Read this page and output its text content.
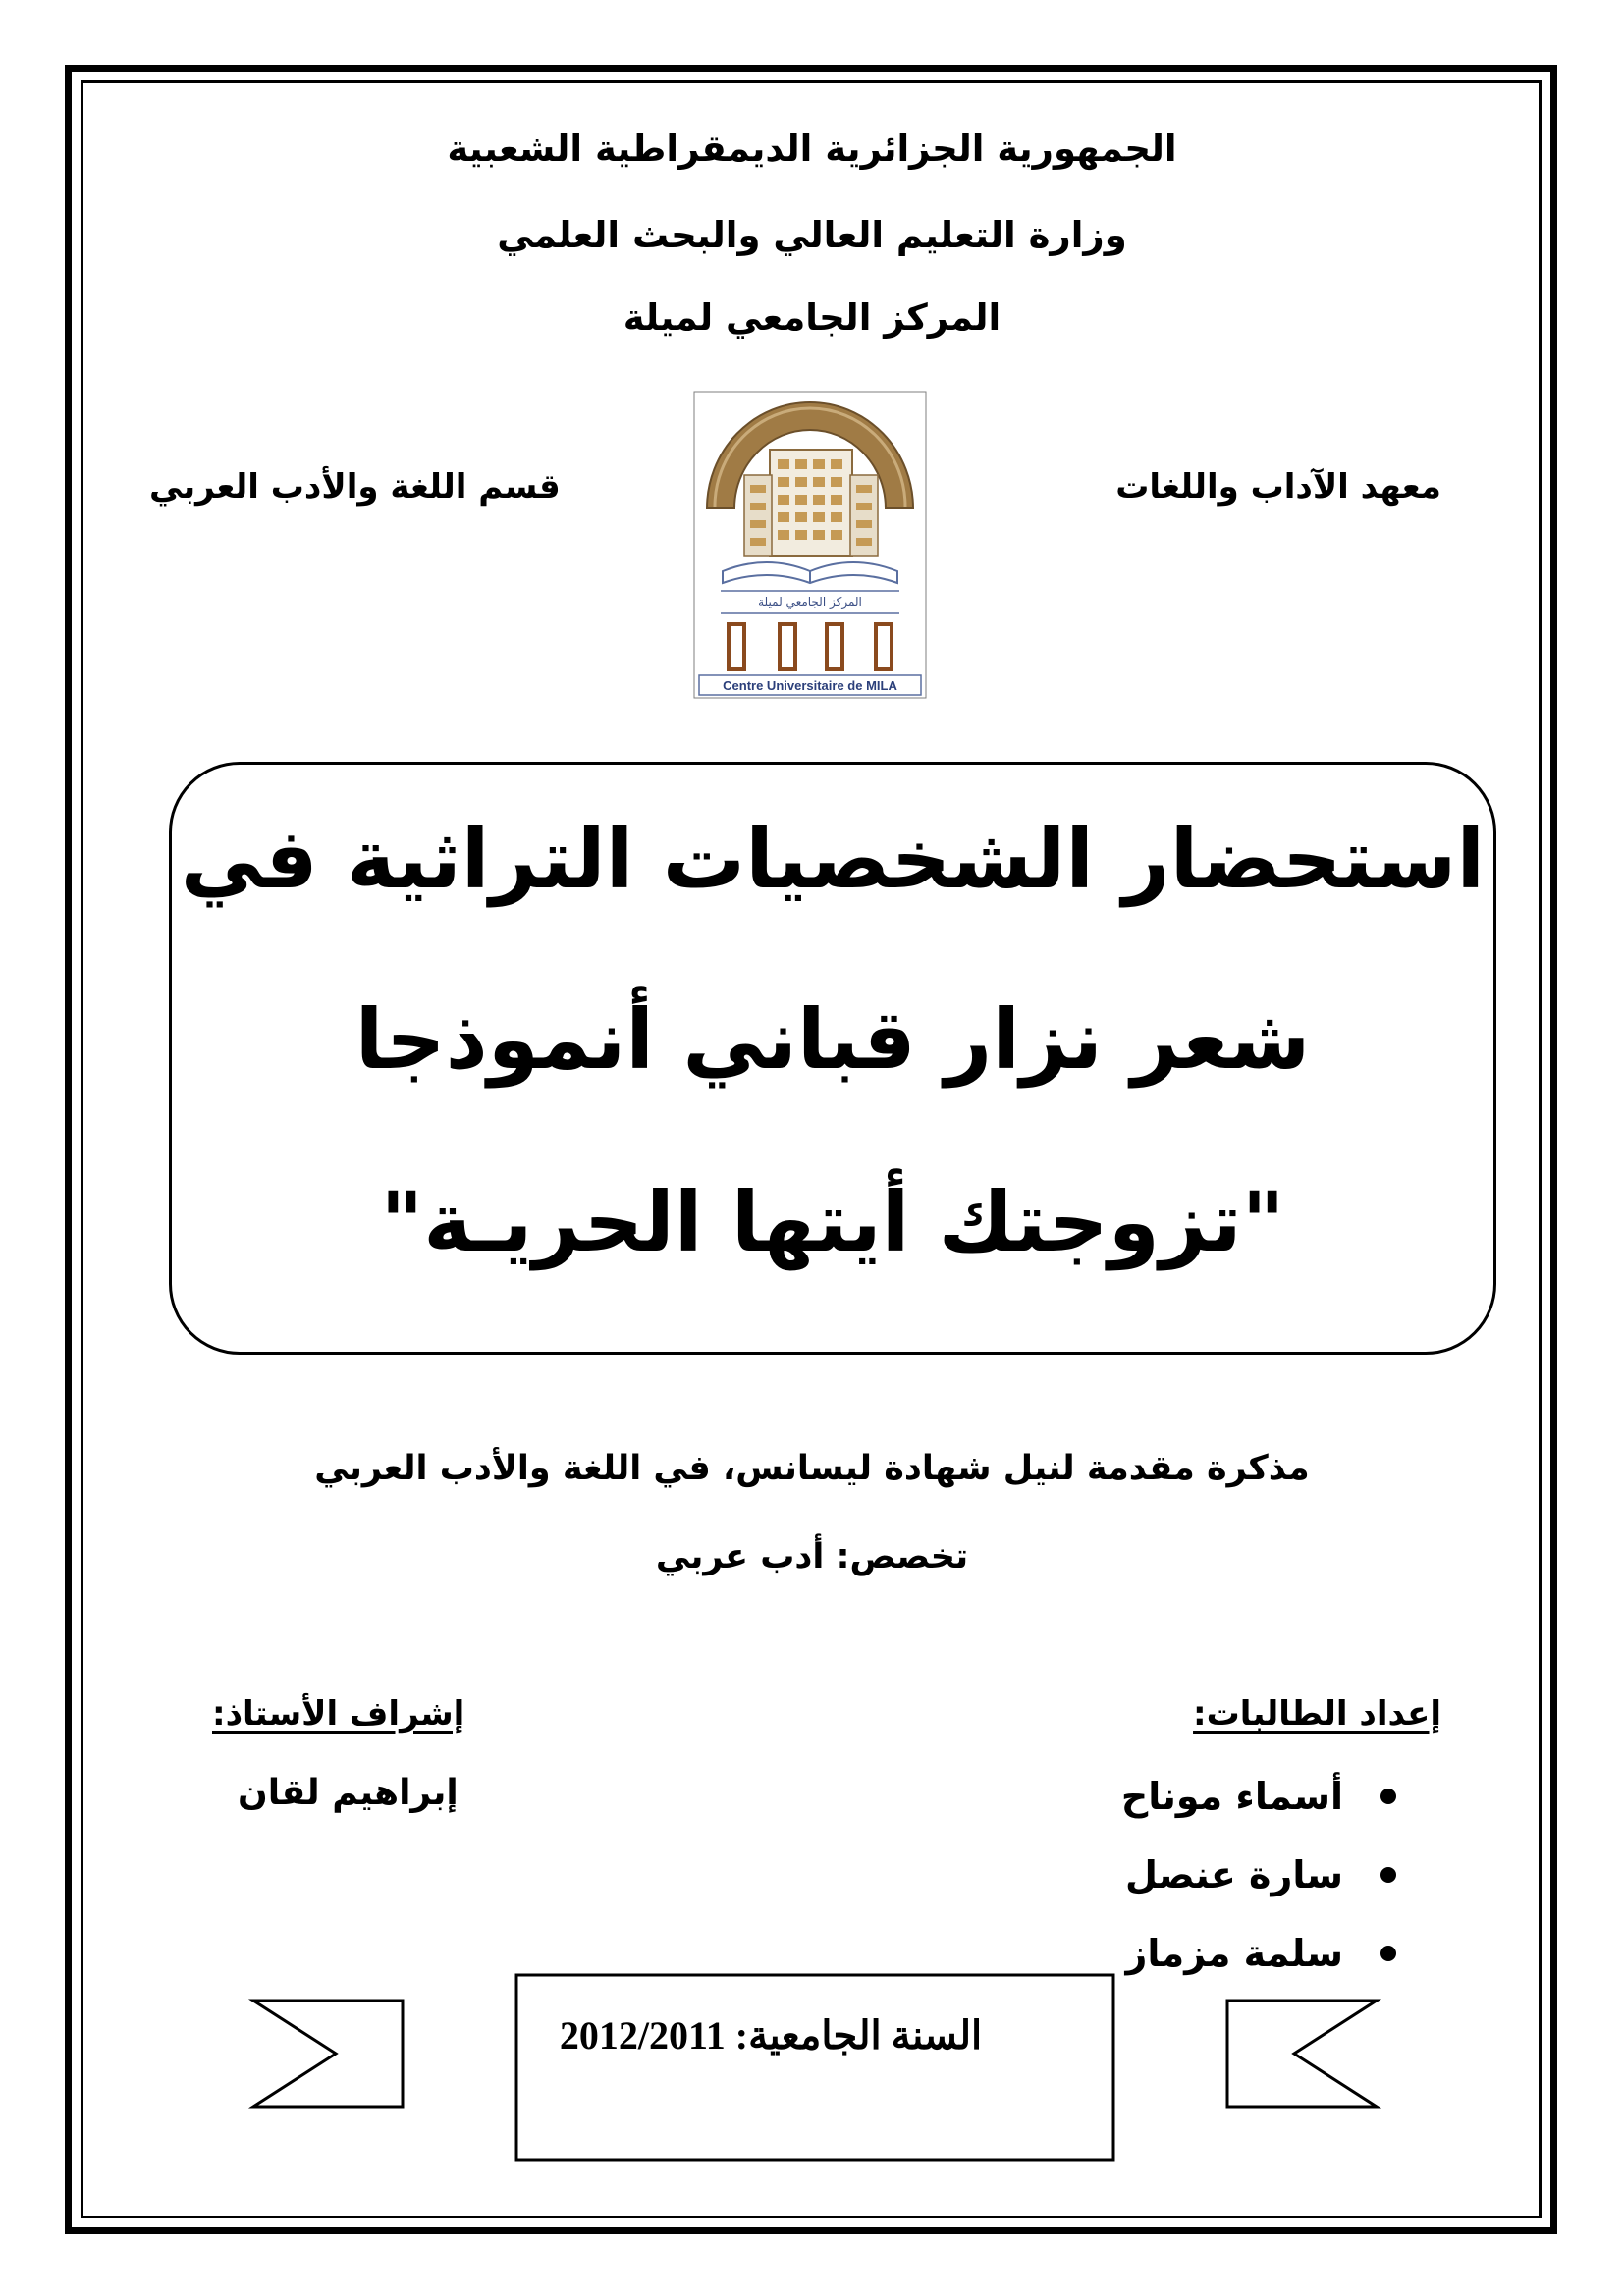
الجمهورية الجزائرية الديمقراطية الشعبية
وزارة التعليم العالي والبحث العلمي
المركز الجامعي لميلة
معهد الآداب واللغات
قسم اللغة والأدب العربي
المركز الجامعي لميلة
Centre Universitaire de MILA
استحضار الشخصيات التراثية في
شعر نزار قباني أنموذجا
"تزوجتك أيتها الحريـة"
مذكرة مقدمة لنيل شهادة ليسانس، في اللغة والأدب العربي
تخصص: أدب عربي
إعداد الطالبات:
إشراف الأستاذ:
أسماء موناح
سارة عنصل
سلمة مزماز
إبراهيم لقان
السنة الجامعية: 2012/2011
